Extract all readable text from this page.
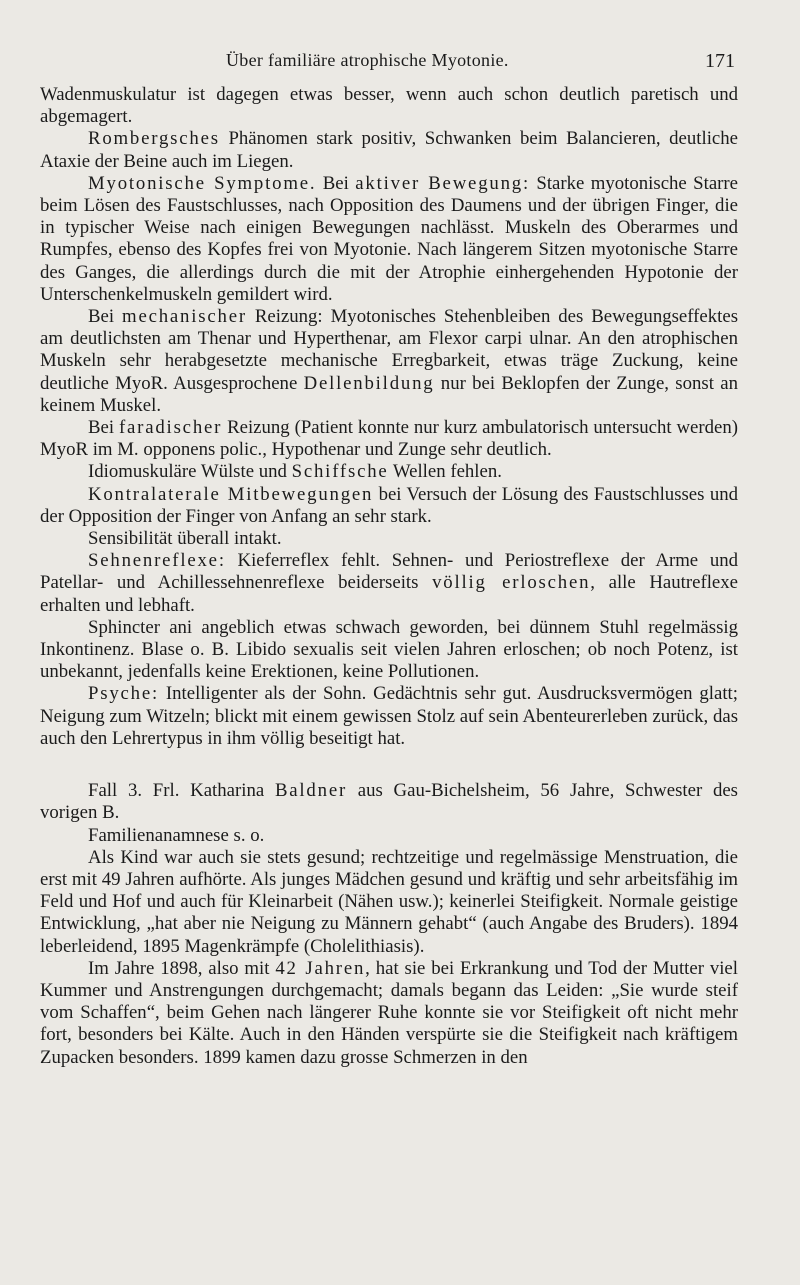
Über familiäre atrophische Myotonie.	171

Wadenmuskulatur ist dagegen etwas besser, wenn auch schon deutlich paretisch und abgemagert.

Rombergsches Phänomen stark positiv, Schwanken beim Balancieren, deutliche Ataxie der Beine auch im Liegen.

Myotonische Symptome. Bei aktiver Bewegung: Starke myotonische Starre beim Lösen des Faustschlusses, nach Opposition des Daumens und der übrigen Finger, die in typischer Weise nach einigen Bewegungen nachlässt. Muskeln des Oberarmes und Rumpfes, ebenso des Kopfes frei von Myotonie. Nach längerem Sitzen myotonische Starre des Ganges, die allerdings durch die mit der Atrophie einhergehenden Hypotonie der Unterschenkelmuskeln gemildert wird.

Bei mechanischer Reizung: Myotonisches Stehenbleiben des Bewegungseffektes am deutlichsten am Thenar und Hyperthenar, am Flexor carpi ulnar. An den atrophischen Muskeln sehr herabgesetzte mechanische Erregbarkeit, etwas träge Zuckung, keine deutliche MyoR. Ausgesprochene Dellenbildung nur bei Beklopfen der Zunge, sonst an keinem Muskel.

Bei faradischer Reizung (Patient konnte nur kurz ambulatorisch untersucht werden) MyoR im M. opponens polic., Hypothenar und Zunge sehr deutlich.

Idiomuskuläre Wülste und Schiffsche Wellen fehlen.

Kontralaterale Mitbewegungen bei Versuch der Lösung des Faustschlusses und der Opposition der Finger von Anfang an sehr stark.

Sensibilität überall intakt.

Sehnenreflexe: Kieferreflex fehlt. Sehnen- und Periostreflexe der Arme und Patellar- und Achillessehnenreflexe beiderseits völlig erloschen, alle Hautreflexe erhalten und lebhaft.

Sphincter ani angeblich etwas schwach geworden, bei dünnem Stuhl regelmässig Inkontinenz. Blase o. B. Libido sexualis seit vielen Jahren erloschen; ob noch Potenz, ist unbekannt, jedenfalls keine Erektionen, keine Pollutionen.

Psyche: Intelligenter als der Sohn. Gedächtnis sehr gut. Ausdrucksvermögen glatt; Neigung zum Witzeln; blickt mit einem gewissen Stolz auf sein Abenteurerleben zurück, das auch den Lehrertypus in ihm völlig beseitigt hat.

Fall 3. Frl. Katharina Baldner aus Gau-Bichelsheim, 56 Jahre, Schwester des vorigen B.

Familienanamnese s. o.

Als Kind war auch sie stets gesund; rechtzeitige und regelmässige Menstruation, die erst mit 49 Jahren aufhörte. Als junges Mädchen gesund und kräftig und sehr arbeitsfähig im Feld und Hof und auch für Kleinarbeit (Nähen usw.); keinerlei Steifigkeit. Normale geistige Entwicklung, „hat aber nie Neigung zu Männern gehabt“ (auch Angabe des Bruders). 1894 leberleidend, 1895 Magenkrämpfe (Cholelithiasis).

Im Jahre 1898, also mit 42 Jahren, hat sie bei Erkrankung und Tod der Mutter viel Kummer und Anstrengungen durchgemacht; damals begann das Leiden: „Sie wurde steif vom Schaffen“, beim Gehen nach längerer Ruhe konnte sie vor Steifigkeit oft nicht mehr fort, besonders bei Kälte. Auch in den Händen verspürte sie die Steifigkeit nach kräftigem Zupacken besonders. 1899 kamen dazu grosse Schmerzen in den
